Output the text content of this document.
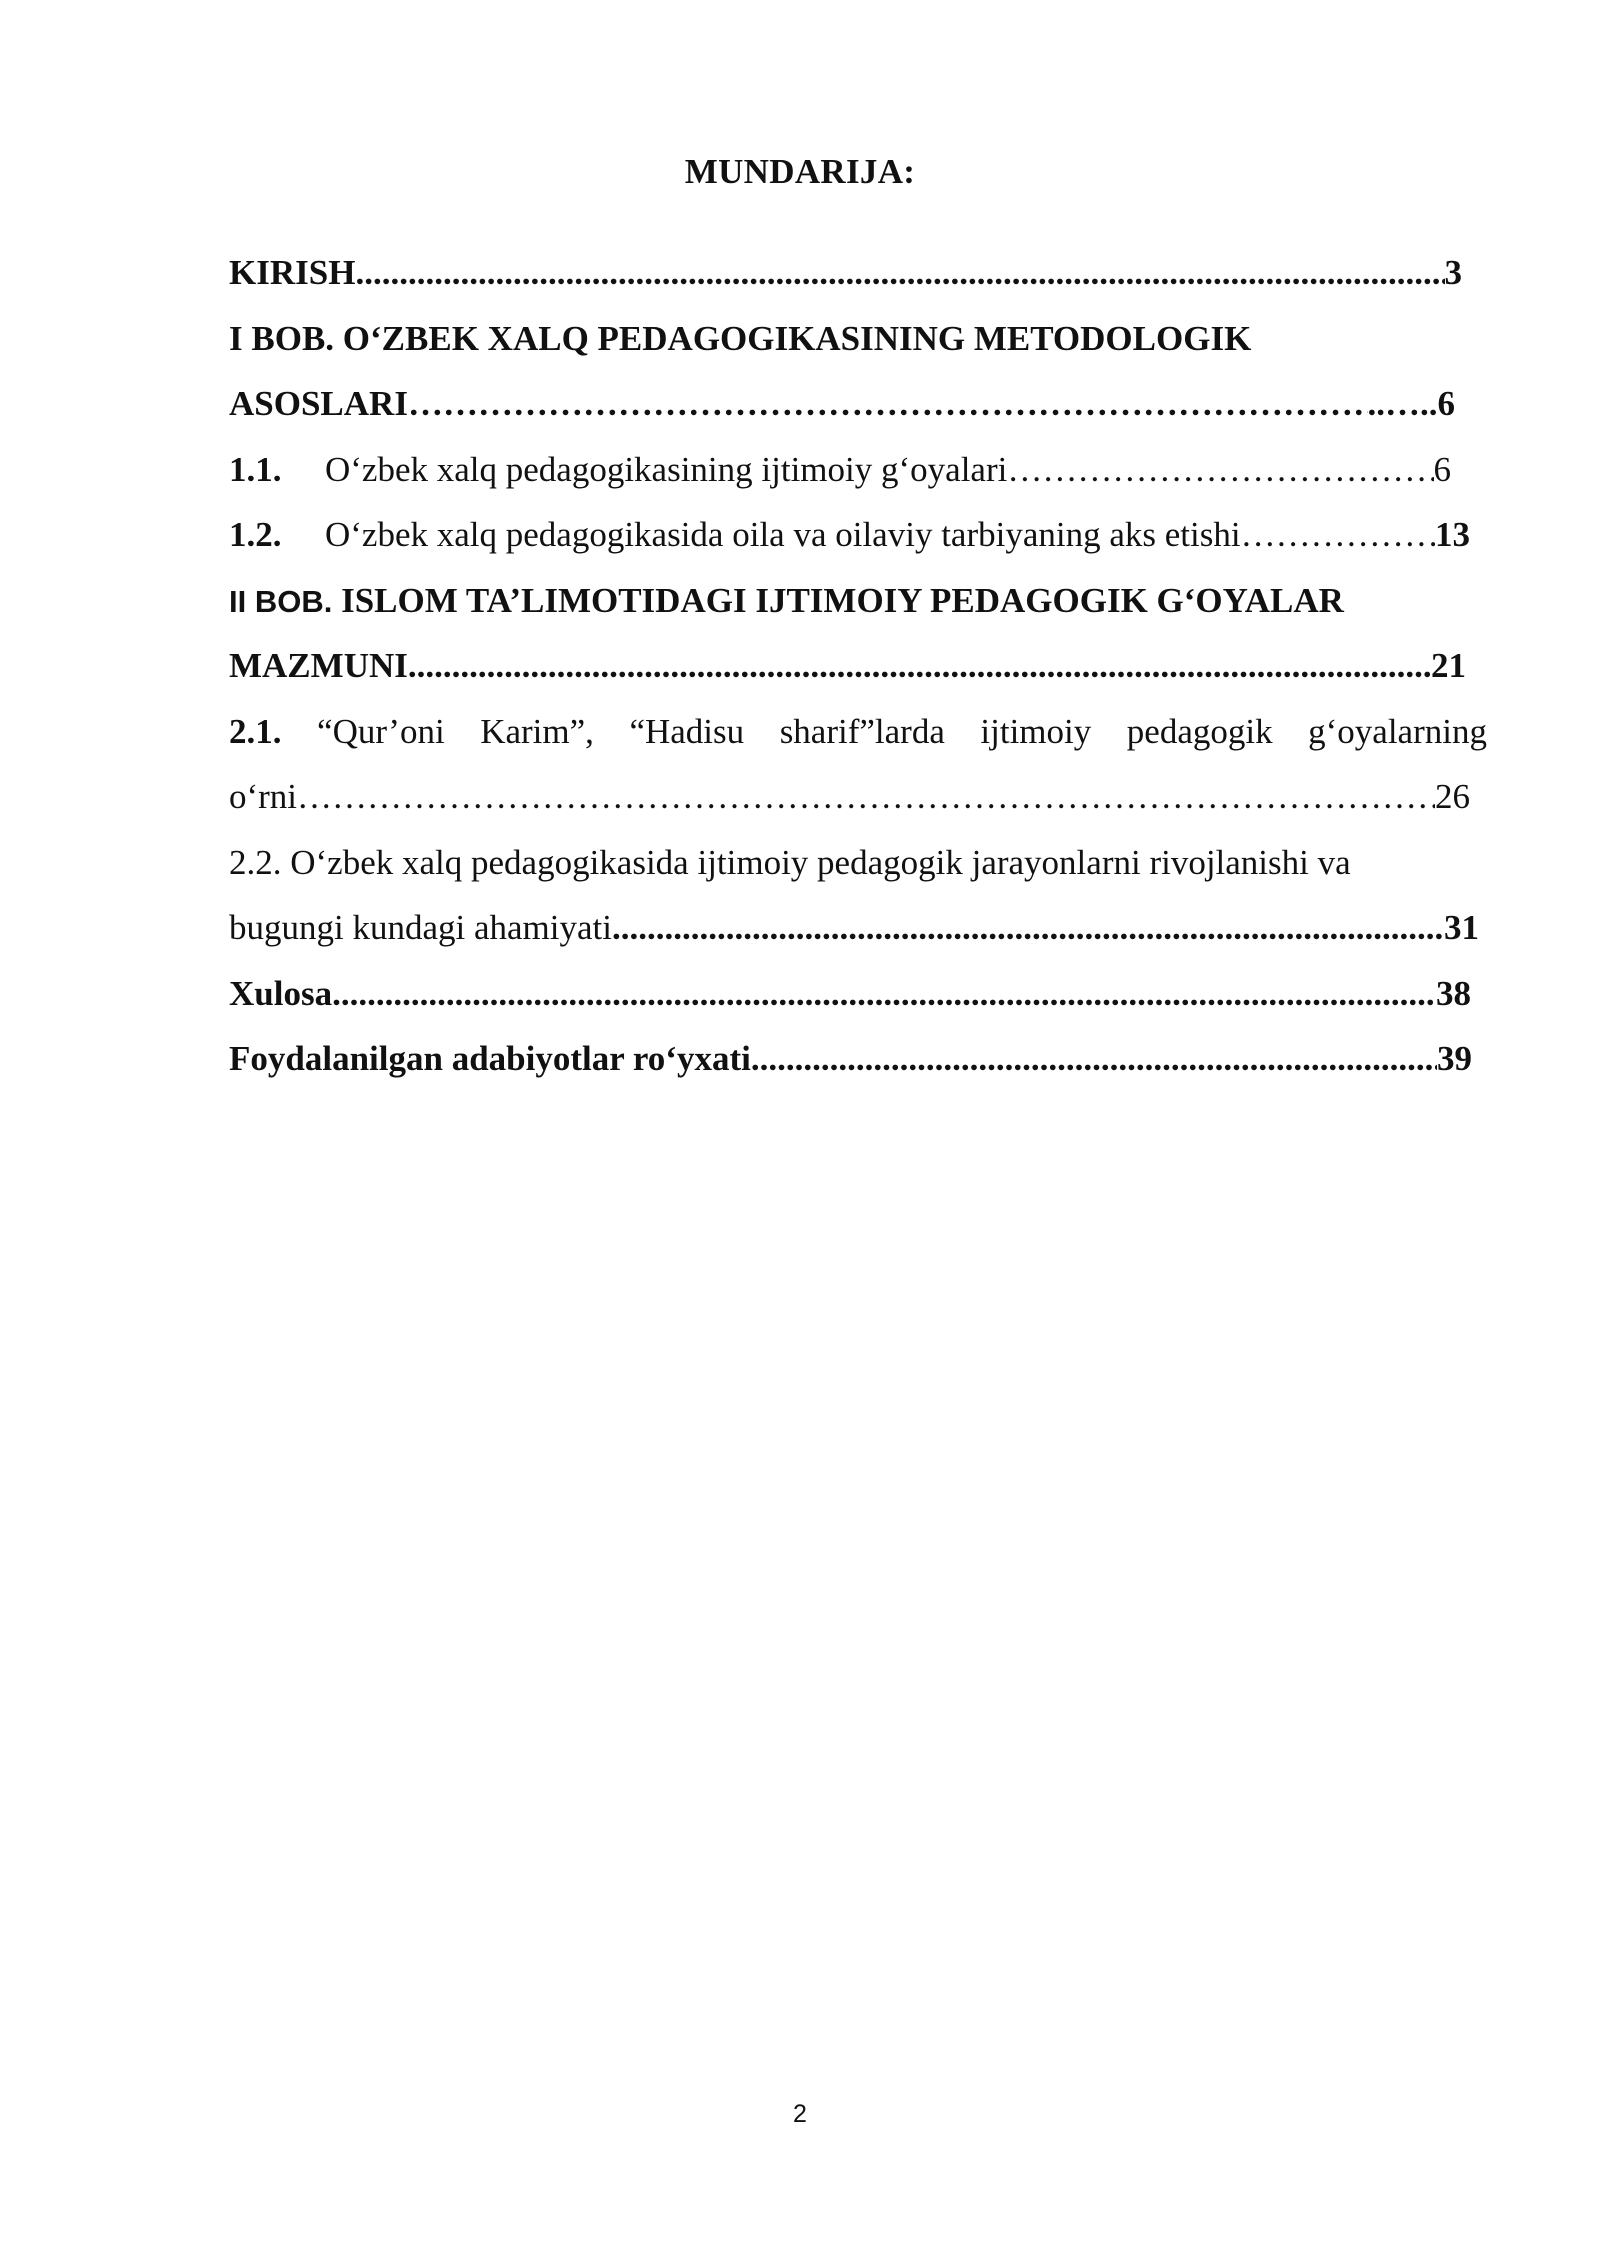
MUNDARIJA:
KIRISH .....	3
I BOB. O‘ZBEK XALQ PEDAGOGIKASINING METODOLOGIK
ASOSLARI …………………………………………………………………………………………………………………………………………………………………………………………………………………………………	..….. 6
1.1. O‘zbek xalq pedagogikasining ijtimoiy g‘oyalari …………………………………………………………………………………………………………………………………………………………………………………………………………………………………	6
1.2. O‘zbek xalq pedagogikasida oila va oilaviy tarbiyaning aks etishi …………………………………………………………………………………………………………………………………………………………………………………………………………………………………	13
II BOB. ISLOM TA’LIMOTIDAGI IJTIMOIY PEDAGOGIK G‘OYALAR
MAZMUNI .....	21
2.1. “Qur’oni Karim”, “Hadisu sharif”larda ijtimoiy pedagogik g‘oyalarning
o‘rni …………………………………………………………………………………………………………………………………………………………………………………………………………………………………	26
2.2. O‘zbek xalq pedagogikasida ijtimoiy pedagogik jarayonlarni rivojlanishi va
bugungi kundagi ahamiyati .....	31
Xulosa .....	38
Foydalanilgan adabiyotlar ro‘yxati .....	39
2
